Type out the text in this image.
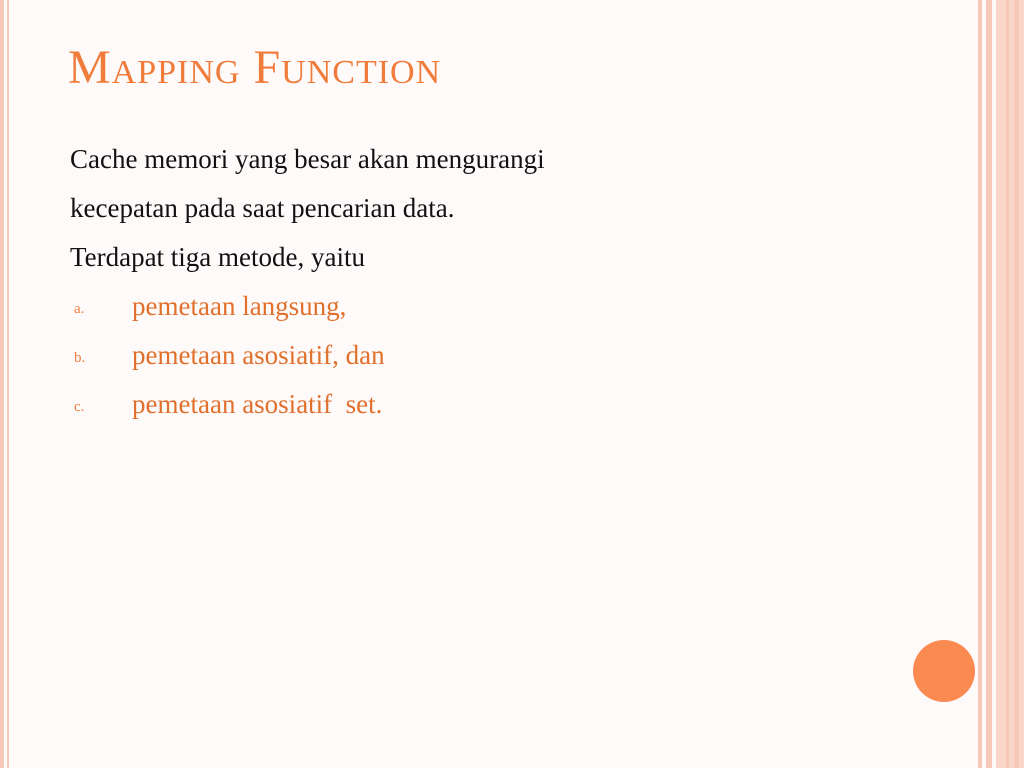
Mapping Function
Cache memori yang besar akan mengurangi
kecepatan pada saat pencarian data.
Terdapat tiga metode, yaitu
a. pemetaan langsung,
b. pemetaan asosiatif, dan
c. pemetaan asosiatif  set.
